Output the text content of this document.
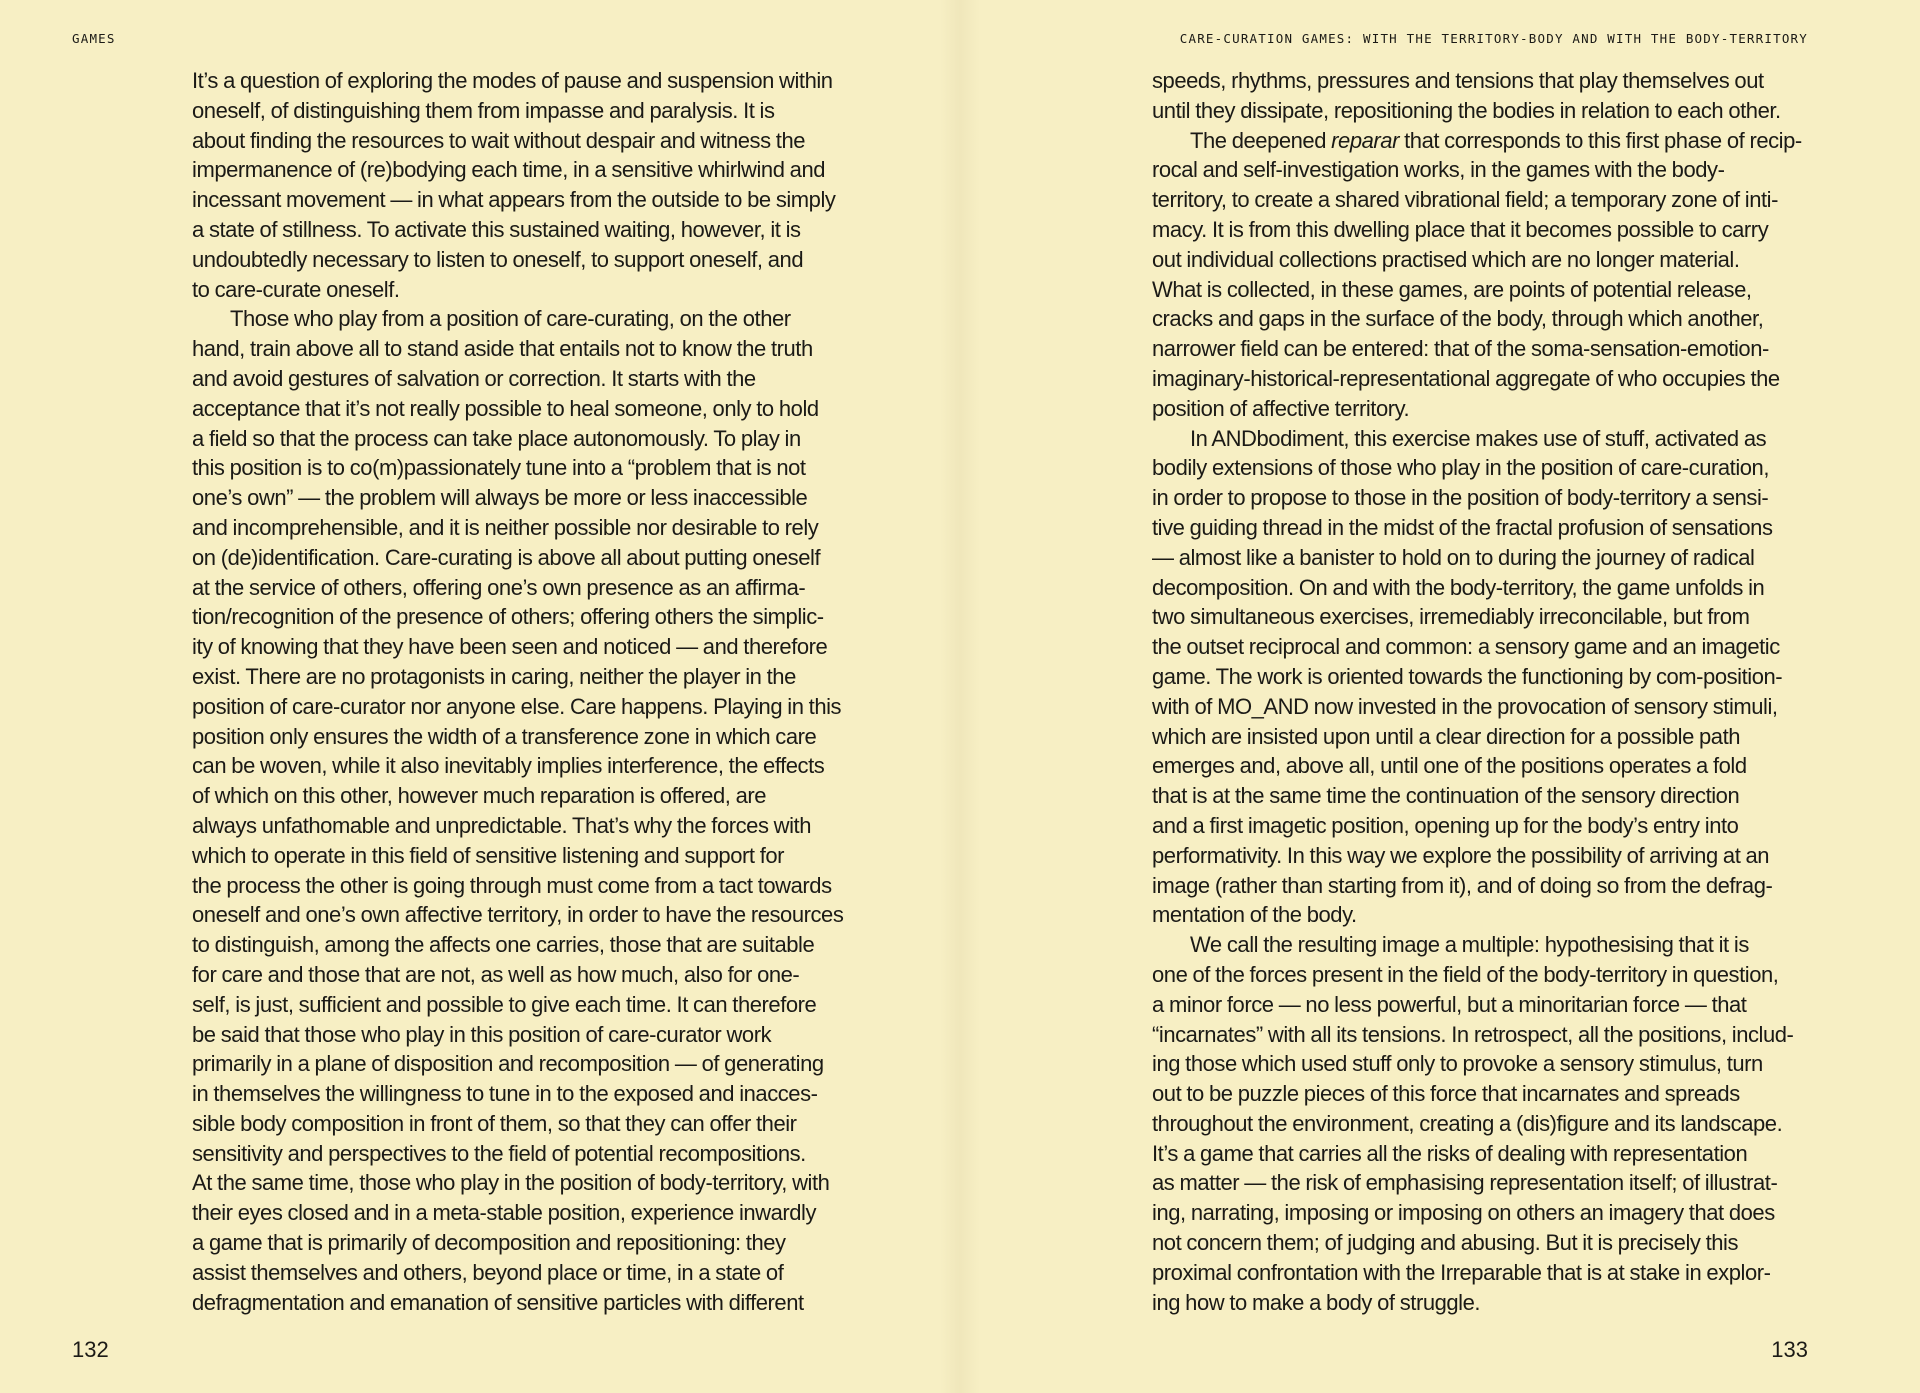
GAMES
It’s a question of exploring the modes of pause and suspension within
oneself, of distinguishing them from impasse and paralysis. It is
about finding the resources to wait without despair and witness the
impermanence of (re)bodying each time, in a sensitive whirlwind and
incessant movement — in what appears from the outside to be simply
a state of stillness. To activate this sustained waiting, however, it is
undoubtedly necessary to listen to oneself, to support oneself, and
to care-curate oneself.
Those who play from a position of care-curating, on the other
hand, train above all to stand aside that entails not to know the truth
and avoid gestures of salvation or correction. It starts with the
acceptance that it’s not really possible to heal someone, only to hold
a field so that the process can take place autonomously. To play in
this position is to co(m)passionately tune into a “problem that is not
one’s own” — the problem will always be more or less inaccessible
and incomprehensible, and it is neither possible nor desirable to rely
on (de)identification. Care-curating is above all about putting oneself
at the service of others, offering one’s own presence as an affirma-
tion/recognition of the presence of others; offering others the simplic-
ity of knowing that they have been seen and noticed — and therefore
exist. There are no protagonists in caring, neither the player in the
position of care-curator nor anyone else. Care happens. Playing in this
position only ensures the width of a transference zone in which care
can be woven, while it also inevitably implies interference, the effects
of which on this other, however much reparation is offered, are
always unfathomable and unpredictable. That’s why the forces with
which to operate in this field of sensitive listening and support for
the process the other is going through must come from a tact towards
oneself and one’s own affective territory, in order to have the resources
to distinguish, among the affects one carries, those that are suitable
for care and those that are not, as well as how much, also for one-
self, is just, sufficient and possible to give each time. It can therefore
be said that those who play in this position of care-curator work
primarily in a plane of disposition and recomposition — of generating
in themselves the willingness to tune in to the exposed and inacces-
sible body composition in front of them, so that they can offer their
sensitivity and perspectives to the field of potential recompositions.
At the same time, those who play in the position of body-territory, with
their eyes closed and in a meta-stable position, experience inwardly
a game that is primarily of decomposition and repositioning: they
assist themselves and others, beyond place or time, in a state of
defragmentation and emanation of sensitive particles with different
132
CARE-CURATION GAMES: WITH THE TERRITORY-BODY AND WITH THE BODY-TERRITORY
speeds, rhythms, pressures and tensions that play themselves out
until they dissipate, repositioning the bodies in relation to each other.
The deepened reparar that corresponds to this first phase of recip-
rocal and self-investigation works, in the games with the body-
territory, to create a shared vibrational field; a temporary zone of inti-
macy. It is from this dwelling place that it becomes possible to carry
out individual collections practised which are no longer material.
What is collected, in these games, are points of potential release,
cracks and gaps in the surface of the body, through which another,
narrower field can be entered: that of the soma-sensation-emotion-
imaginary-historical-representational aggregate of who occupies the
position of affective territory.
In ANDbodiment, this exercise makes use of stuff, activated as
bodily extensions of those who play in the position of care-curation,
in order to propose to those in the position of body-territory a sensi-
tive guiding thread in the midst of the fractal profusion of sensations
— almost like a banister to hold on to during the journey of radical
decomposition. On and with the body-territory, the game unfolds in
two simultaneous exercises, irremediably irreconcilable, but from
the outset reciprocal and common: a sensory game and an imagetic
game. The work is oriented towards the functioning by com-position-
with of MO_AND now invested in the provocation of sensory stimuli,
which are insisted upon until a clear direction for a possible path
emerges and, above all, until one of the positions operates a fold
that is at the same time the continuation of the sensory direction
and a first imagetic position, opening up for the body’s entry into
performativity. In this way we explore the possibility of arriving at an
image (rather than starting from it), and of doing so from the defrag-
mentation of the body.
We call the resulting image a multiple: hypothesising that it is
one of the forces present in the field of the body-territory in question,
a minor force — no less powerful, but a minoritarian force — that
“incarnates” with all its tensions. In retrospect, all the positions, includ-
ing those which used stuff only to provoke a sensory stimulus, turn
out to be puzzle pieces of this force that incarnates and spreads
throughout the environment, creating a (dis)figure and its landscape.
It’s a game that carries all the risks of dealing with representation
as matter — the risk of emphasising representation itself; of illustrat-
ing, narrating, imposing or imposing on others an imagery that does
not concern them; of judging and abusing. But it is precisely this
proximal confrontation with the Irreparable that is at stake in explor-
ing how to make a body of struggle.
133
